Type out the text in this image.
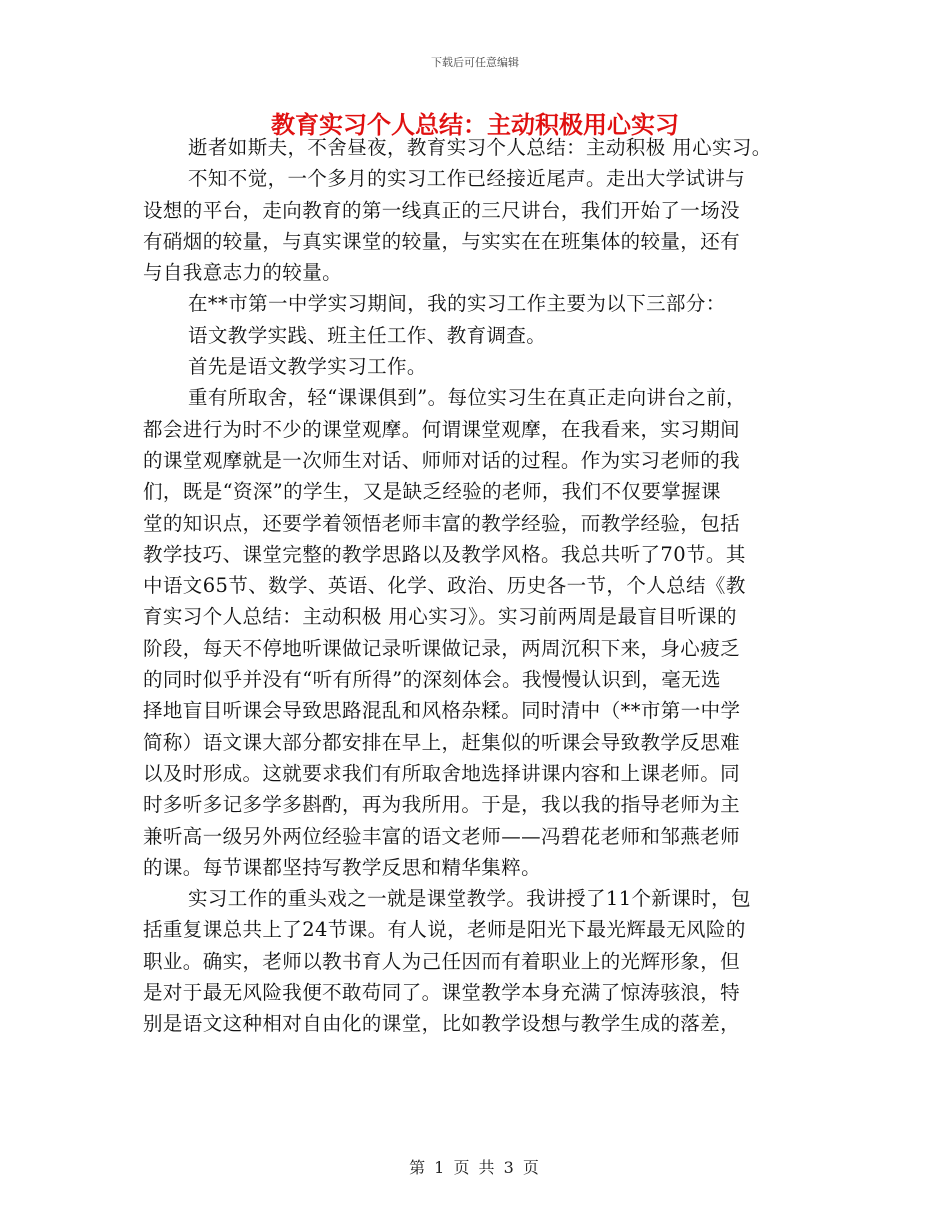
下载后可任意编辑
教育实习个人总结：主动积极用心实习
逝者如斯夫，不舍昼夜，教育实习个人总结：主动积极 用心实习。
不知不觉，一个多月的实习工作已经接近尾声。走出大学试讲与
设想的平台，走向教育的第一线真正的三尺讲台，我们开始了一场没
有硝烟的较量，与真实课堂的较量，与实实在在班集体的较量，还有
与自我意志力的较量。
在**市第一中学实习期间，我的实习工作主要为以下三部分：
语文教学实践、班主任工作、教育调查。
首先是语文教学实习工作。
重有所取舍，轻“课课俱到”。每位实习生在真正走向讲台之前，
都会进行为时不少的课堂观摩。何谓课堂观摩，在我看来，实习期间
的课堂观摩就是一次师生对话、师师对话的过程。作为实习老师的我
们，既是“资深”的学生，又是缺乏经验的老师，我们不仅要掌握课
堂的知识点，还要学着领悟老师丰富的教学经验，而教学经验，包括
教学技巧、课堂完整的教学思路以及教学风格。我总共听了70节。其
中语文65节、数学、英语、化学、政治、历史各一节，个人总结《教
育实习个人总结：主动积极 用心实习》。实习前两周是最盲目听课的
阶段，每天不停地听课做记录听课做记录，两周沉积下来，身心疲乏
的同时似乎并没有“听有所得”的深刻体会。我慢慢认识到，毫无选
择地盲目听课会导致思路混乱和风格杂糅。同时清中（**市第一中学
简称）语文课大部分都安排在早上，赶集似的听课会导致教学反思难
以及时形成。这就要求我们有所取舍地选择讲课内容和上课老师。同
时多听多记多学多斟酌，再为我所用。于是，我以我的指导老师为主
兼听高一级另外两位经验丰富的语文老师——冯碧花老师和邹燕老师
的课。每节课都坚持写教学反思和精华集粹。
实习工作的重头戏之一就是课堂教学。我讲授了11个新课时，包
括重复课总共上了24节课。有人说，老师是阳光下最光辉最无风险的
职业。确实，老师以教书育人为己任因而有着职业上的光辉形象，但
是对于最无风险我便不敢苟同了。课堂教学本身充满了惊涛骇浪，特
别是语文这种相对自由化的课堂，比如教学设想与教学生成的落差，
第 1 页 共 3 页
